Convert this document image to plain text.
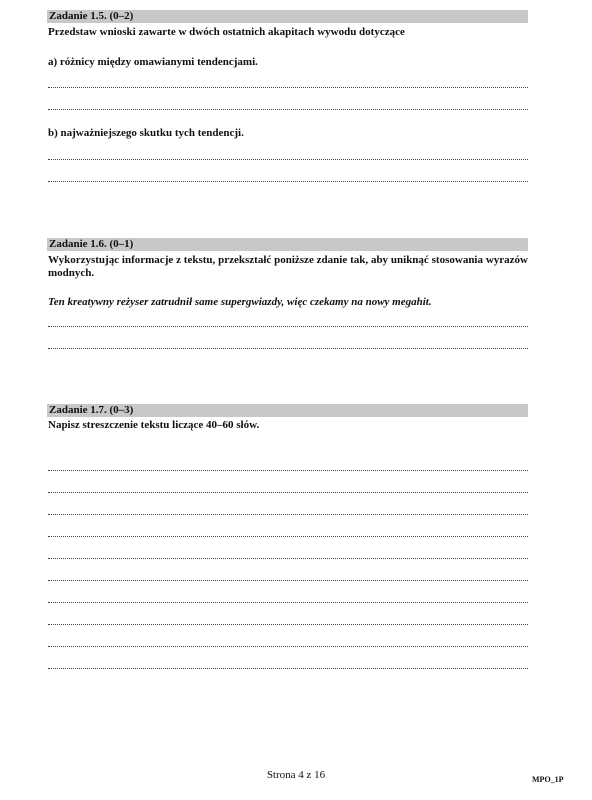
Zadanie 1.5. (0–2)
Przedstaw wnioski zawarte w dwóch ostatnich akapitach wywodu dotyczące
a) różnicy między omawianymi tendencjami.
b) najważniejszego skutku tych tendencji.
Zadanie 1.6. (0–1)
Wykorzystując informacje z tekstu, przekształć poniższe zdanie tak, aby uniknąć stosowania wyrazów modnych.
Ten kreatywny reżyser zatrudnił same supergwiazdy, więc czekamy na nowy megahit.
Zadanie 1.7. (0–3)
Napisz streszczenie tekstu liczące 40–60 słów.
Strona 4 z 16	MPO_1P
